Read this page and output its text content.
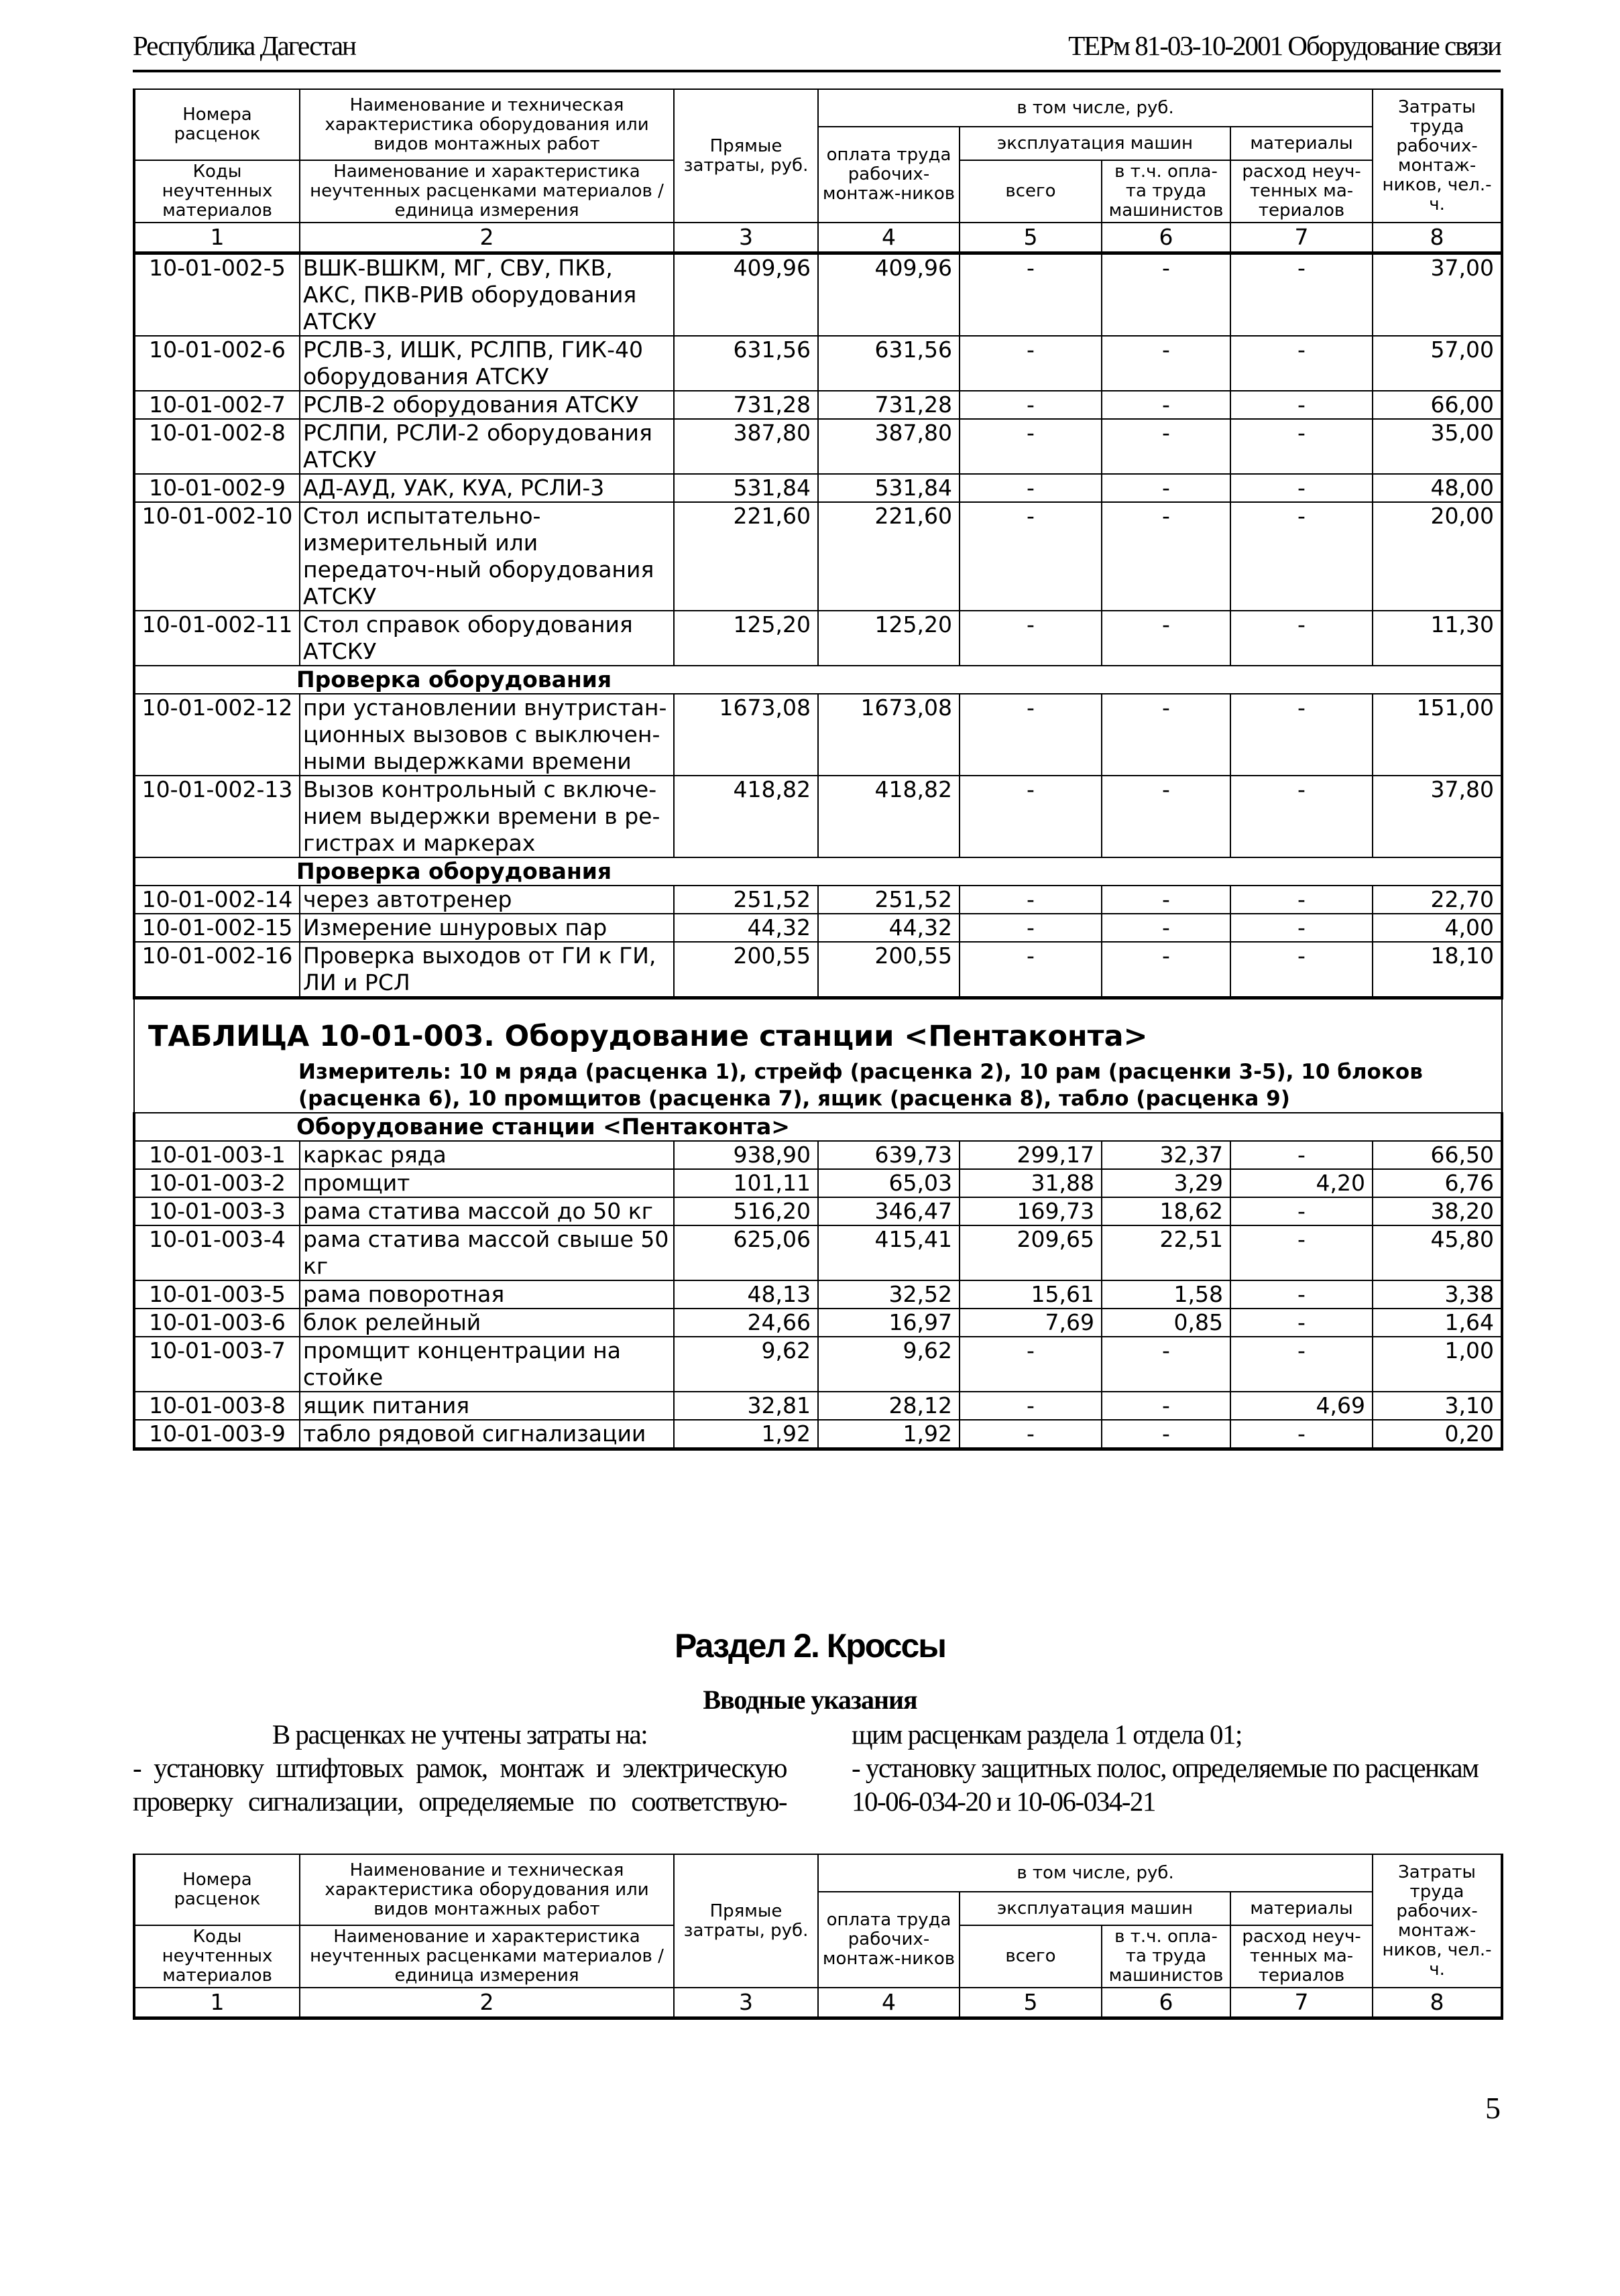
Республика Дагестан	ТЕРм 81-03-10-2001 Оборудование связи
Номера расценок	Наименование и техническая характеристика оборудования или видов монтажных работ	Прямые затраты, руб.	в том числе, руб.				Затраты труда рабочих-монтаж-ников, чел.-ч.
			оплата труда рабочих-монтаж-ников	эксплуатация машин		материалы	
Коды неучтенных материалов	Наименование и характеристика неучтенных расценками материалов / единица измерения			всего	в т.ч. опла-та труда машинистов	расход неуч-тенных ма-териалов	

1	2	3	4	5	6	7	8
10-01-002-5	ВШК-ВШКМ, МГ, СВУ, ПКВ, АКС, ПКВ-РИВ оборудования АТСКУ	409,96	409,96	-	-	-	37,00
10-01-002-6	РСЛВ-3, ИШК, РСЛПВ, ГИК-40 оборудования АТСКУ	631,56	631,56	-	-	-	57,00
10-01-002-7	РСЛВ-2 оборудования АТСКУ	731,28	731,28	-	-	-	66,00
10-01-002-8	РСЛПИ, РСЛИ-2 оборудования АТСКУ	387,80	387,80	-	-	-	35,00
10-01-002-9	АД-АУД, УАК, КУА, РСЛИ-3	531,84	531,84	-	-	-	48,00
10-01-002-10	Стол испытательно-измерительный или передаточ-ный оборудования АТСКУ	221,60	221,60	-	-	-	20,00
10-01-002-11	Стол справок оборудования АТСКУ	125,20	125,20	-	-	-	11,30
Проверка оборудования							
10-01-002-12	при установлении внутристан-ционных вызовов с выключен-ными выдержками времени	1673,08	1673,08	-	-	-	151,00
10-01-002-13	Вызов контрольный с включе-нием выдержки времени в ре-гистрах и маркерах	418,82	418,82	-	-	-	37,80
Проверка оборудования							
10-01-002-14	через автотренер	251,52	251,52	-	-	-	22,70
10-01-002-15	Измерение шнуровых пар	44,32	44,32	-	-	-	4,00
10-01-002-16	Проверка выходов от ГИ к ГИ, ЛИ и РСЛ	200,55	200,55	-	-	-	18,10
ТАБЛИЦА 10-01-003. Оборудование станции <Пентаконта>							
Измеритель: 10 м ряда (расценка 1), стрейф (расценка 2), 10 рам (расценки 3-5), 10 блоков (расценка 6), 10 промщитов (расценка 7), ящик (расценка 8), табло (расценка 9)							
Оборудование станции <Пентаконта>							
10-01-003-1	каркас ряда	938,90	639,73	299,17	32,37	-	66,50
10-01-003-2	промщит	101,11	65,03	31,88	3,29	4,20	6,76
10-01-003-3	рама статива массой до 50 кг	516,20	346,47	169,73	18,62	-	38,20
10-01-003-4	рама статива массой свыше 50 кг	625,06	415,41	209,65	22,51	-	45,80
10-01-003-5	рама поворотная	48,13	32,52	15,61	1,58	-	3,38
10-01-003-6	блок релейный	24,66	16,97	7,69	0,85	-	1,64
10-01-003-7	промщит концентрации на стойке	9,62	9,62	-	-	-	1,00
10-01-003-8	ящик питания	32,81	28,12	-	-	4,69	3,10
10-01-003-9	табло рядовой сигнализации	1,92	1,92	-	-	-	0,20
Номера расценок	Наименование и техническая характеристика оборудования или видов монтажных работ	Прямые затраты, руб.	в том числе, руб.				Затраты труда рабочих-монтаж-ников, чел.-ч.
			оплата труда рабочих-монтаж-ников	эксплуатация машин		материалы	
Коды неучтенных материалов	Наименование и характеристика неучтенных расценками материалов / единица измерения			всего	в т.ч. опла-та труда машинистов	расход неуч-тенных ма-териалов	

1	2	3	4	5	6	7	8
Раздел 2. Кроссы
Вводные указания

В расценках не учтены затраты на:

- установку штифтовых рамок, монтаж и электрическую проверку сигнализации, определяемые по соответствую-

щим расценкам раздела 1 отдела 01;

- установку защитных полос, определяемые по расценкам 10-06-034-20 и 10-06-034-21

5
